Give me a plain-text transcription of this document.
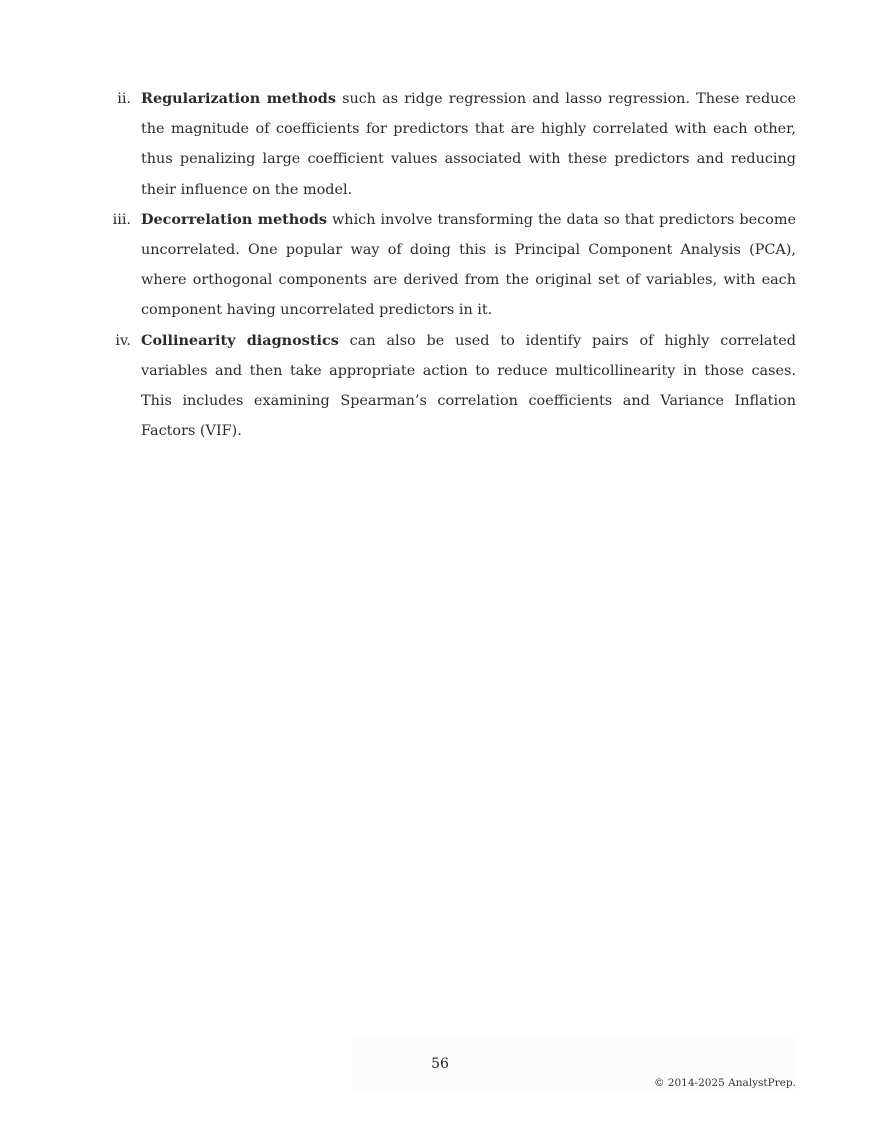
ii. Regularization methods such as ridge regression and lasso regression. These reduce the magnitude of coefficients for predictors that are highly correlated with each other, thus penalizing large coefficient values associated with these predictors and reducing their influence on the model.
iii. Decorrelation methods which involve transforming the data so that predictors become uncorrelated. One popular way of doing this is Principal Component Analysis (PCA), where orthogonal components are derived from the original set of variables, with each component having uncorrelated predictors in it.
iv. Collinearity diagnostics can also be used to identify pairs of highly correlated variables and then take appropriate action to reduce multicollinearity in those cases. This includes examining Spearman’s correlation coefficients and Variance Inflation Factors (VIF).
56
© 2014-2025 AnalystPrep.
